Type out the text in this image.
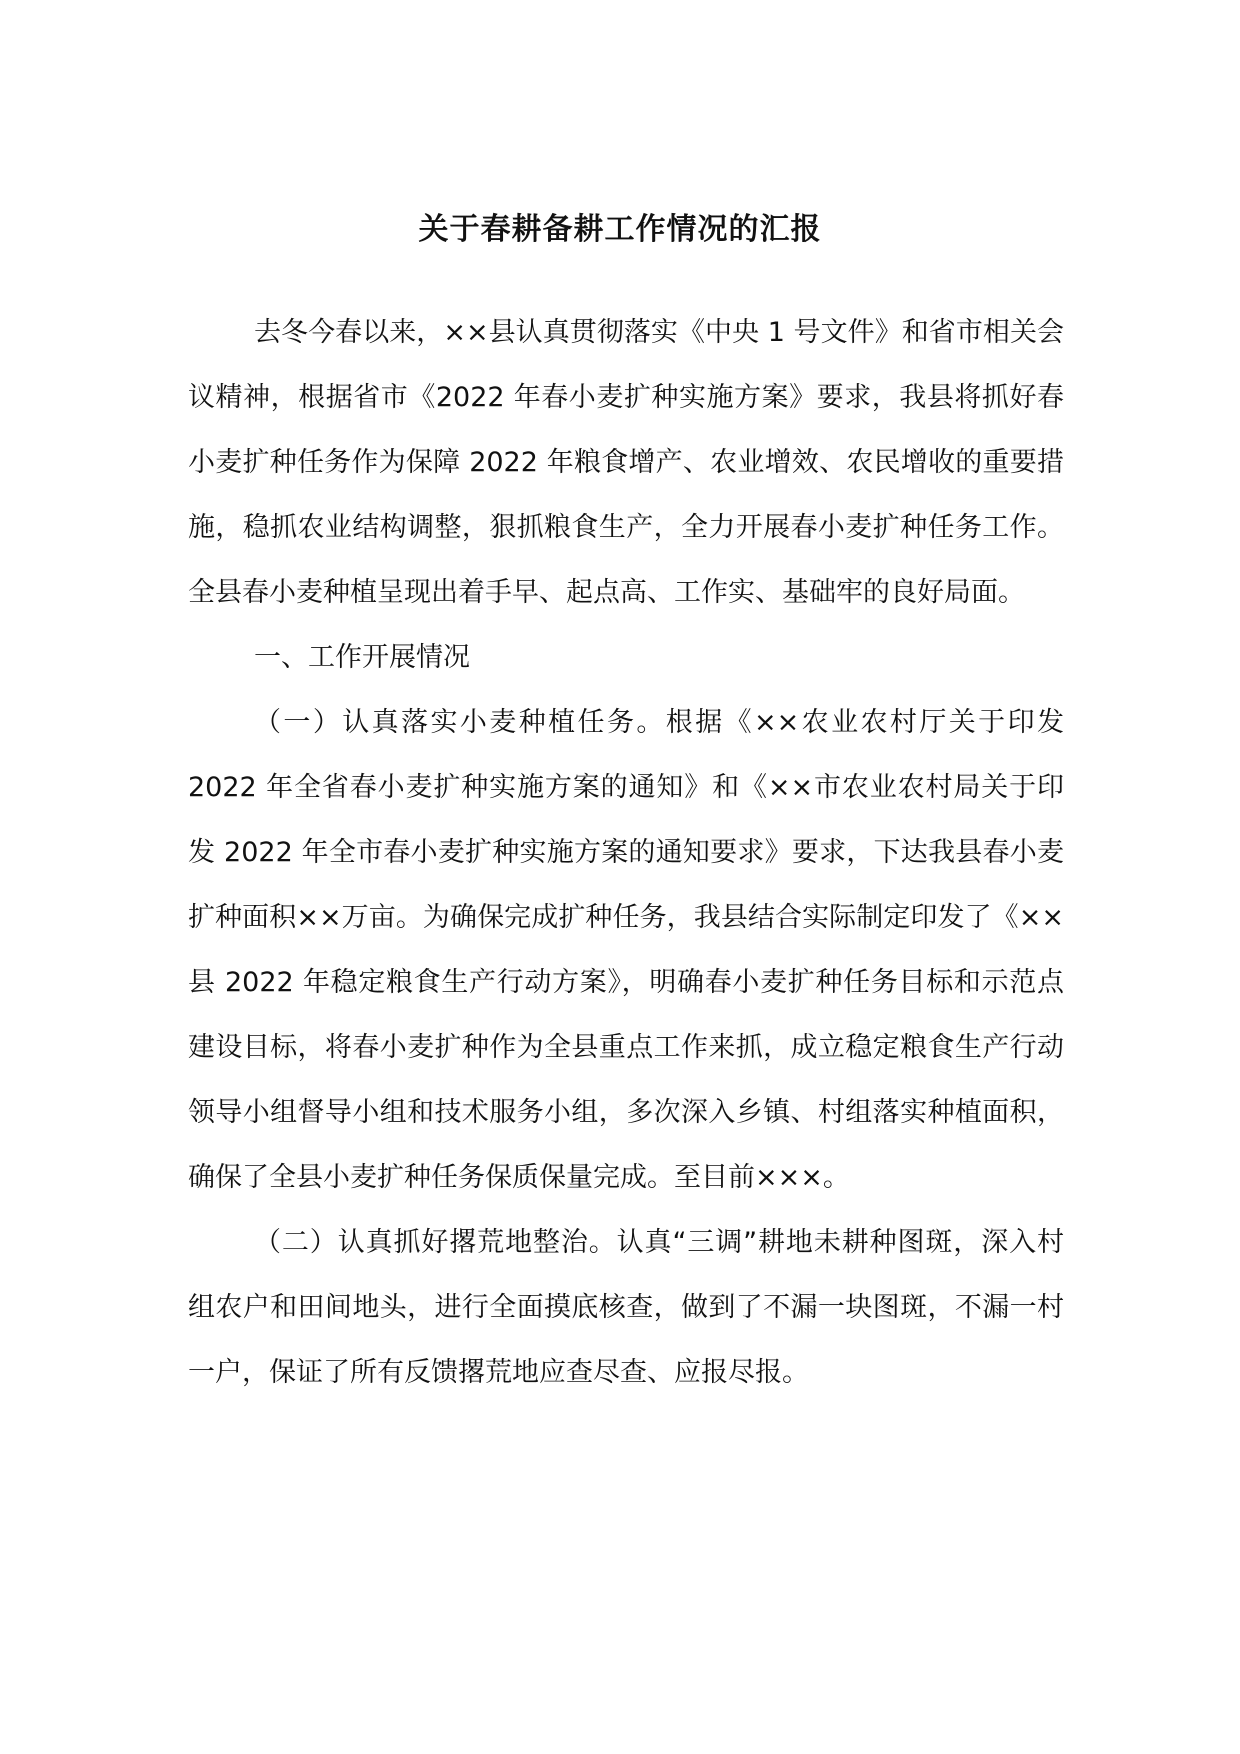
关于春耕备耕工作情况的汇报

去冬今春以来，××县认真贯彻落实《中央 1 号文件》和省市相关会议精神，根据省市《2022 年春小麦扩种实施方案》要求，我县将抓好春小麦扩种任务作为保障 2022 年粮食增产、农业增效、农民增收的重要措施，稳抓农业结构调整，狠抓粮食生产，全力开展春小麦扩种任务工作。全县春小麦种植呈现出着手早、起点高、工作实、基础牢的良好局面。

一、工作开展情况

（一）认真落实小麦种植任务。根据《××农业农村厅关于印发 2022 年全省春小麦扩种实施方案的通知》和《××市农业农村局关于印发 2022 年全市春小麦扩种实施方案的通知要求》要求，下达我县春小麦扩种面积××万亩。为确保完成扩种任务，我县结合实际制定印发了《××县 2022 年稳定粮食生产行动方案》，明确春小麦扩种任务目标和示范点建设目标，将春小麦扩种作为全县重点工作来抓，成立稳定粮食生产行动领导小组督导小组和技术服务小组，多次深入乡镇、村组落实种植面积，确保了全县小麦扩种任务保质保量完成。至目前×××。

（二）认真抓好撂荒地整治。认真“三调”耕地未耕种图斑，深入村组农户和田间地头，进行全面摸底核查，做到了不漏一块图斑，不漏一村一户，保证了所有反馈撂荒地应查尽查、应报尽报。
